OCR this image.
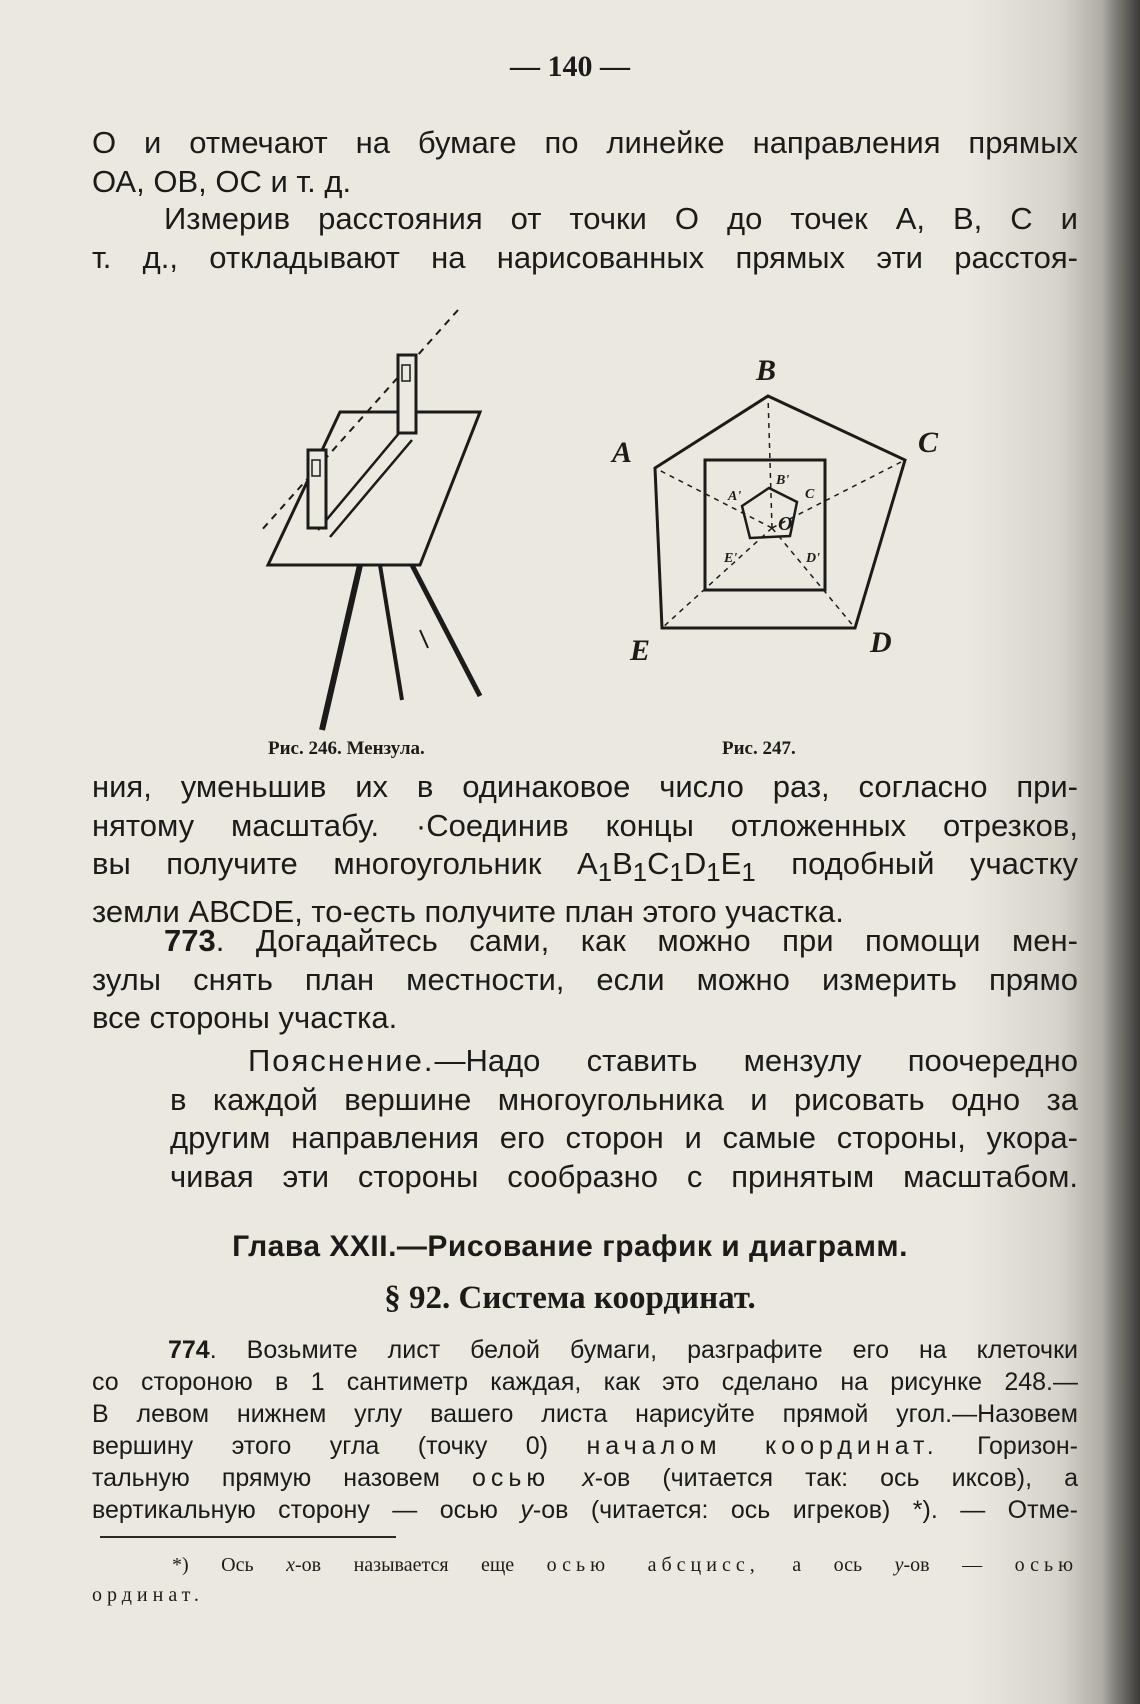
— 140 —
О и отмечают на бумаге по линейке направления прямых
ОА, ОВ, ОС и т. д.
Измерив расстояния от точки О до точек А, В, С и
т. д., откладывают на нарисованных прямых эти расстоя-
Рис. 246. Мензула.
B
C
A
E	D
B'
C
A'
O
E'	D'
Рис. 247.
ния, уменьшив их в одинаковое число раз, согласно при-
нятому масштабу. ·Соединив концы отложенных отрезков,
вы получите многоугольник $A_1B_1C_1D_1E_1$ подобный участку
земли АВСDЕ, то-есть получите план этого участка.
773. Догадайтесь сами, как можно при помощи мен-
зулы снять план местности, если можно измерить прямо
все стороны участка.
Пояснение.—Надо ставить мензулу поочередно
в каждой вершине многоугольника и рисовать одно за
другим направления его сторон и самые стороны, укора-
чивая эти стороны сообразно с принятым масштабом.
Глава XXII.—Рисование график и диаграмм.
§ 92. Система координат.
774. Возьмите лист белой бумаги, разграфите его на клеточки
со стороною в 1 сантиметр каждая, как это сделано на рисунке 248.—
В левом нижнем углу вашего листа нарисуйте прямой угол.—Назовем
вершину этого угла (точку 0) началом координат. Горизон-
тальную прямую назовем осью x-ов (читается так: ось иксов), а
вертикальную сторону — осью y-ов (читается: ось игреков) *). — Отме-
*) Ось x-ов называется еще осью абсцисс, а ось y-ов — осью
ординат.
